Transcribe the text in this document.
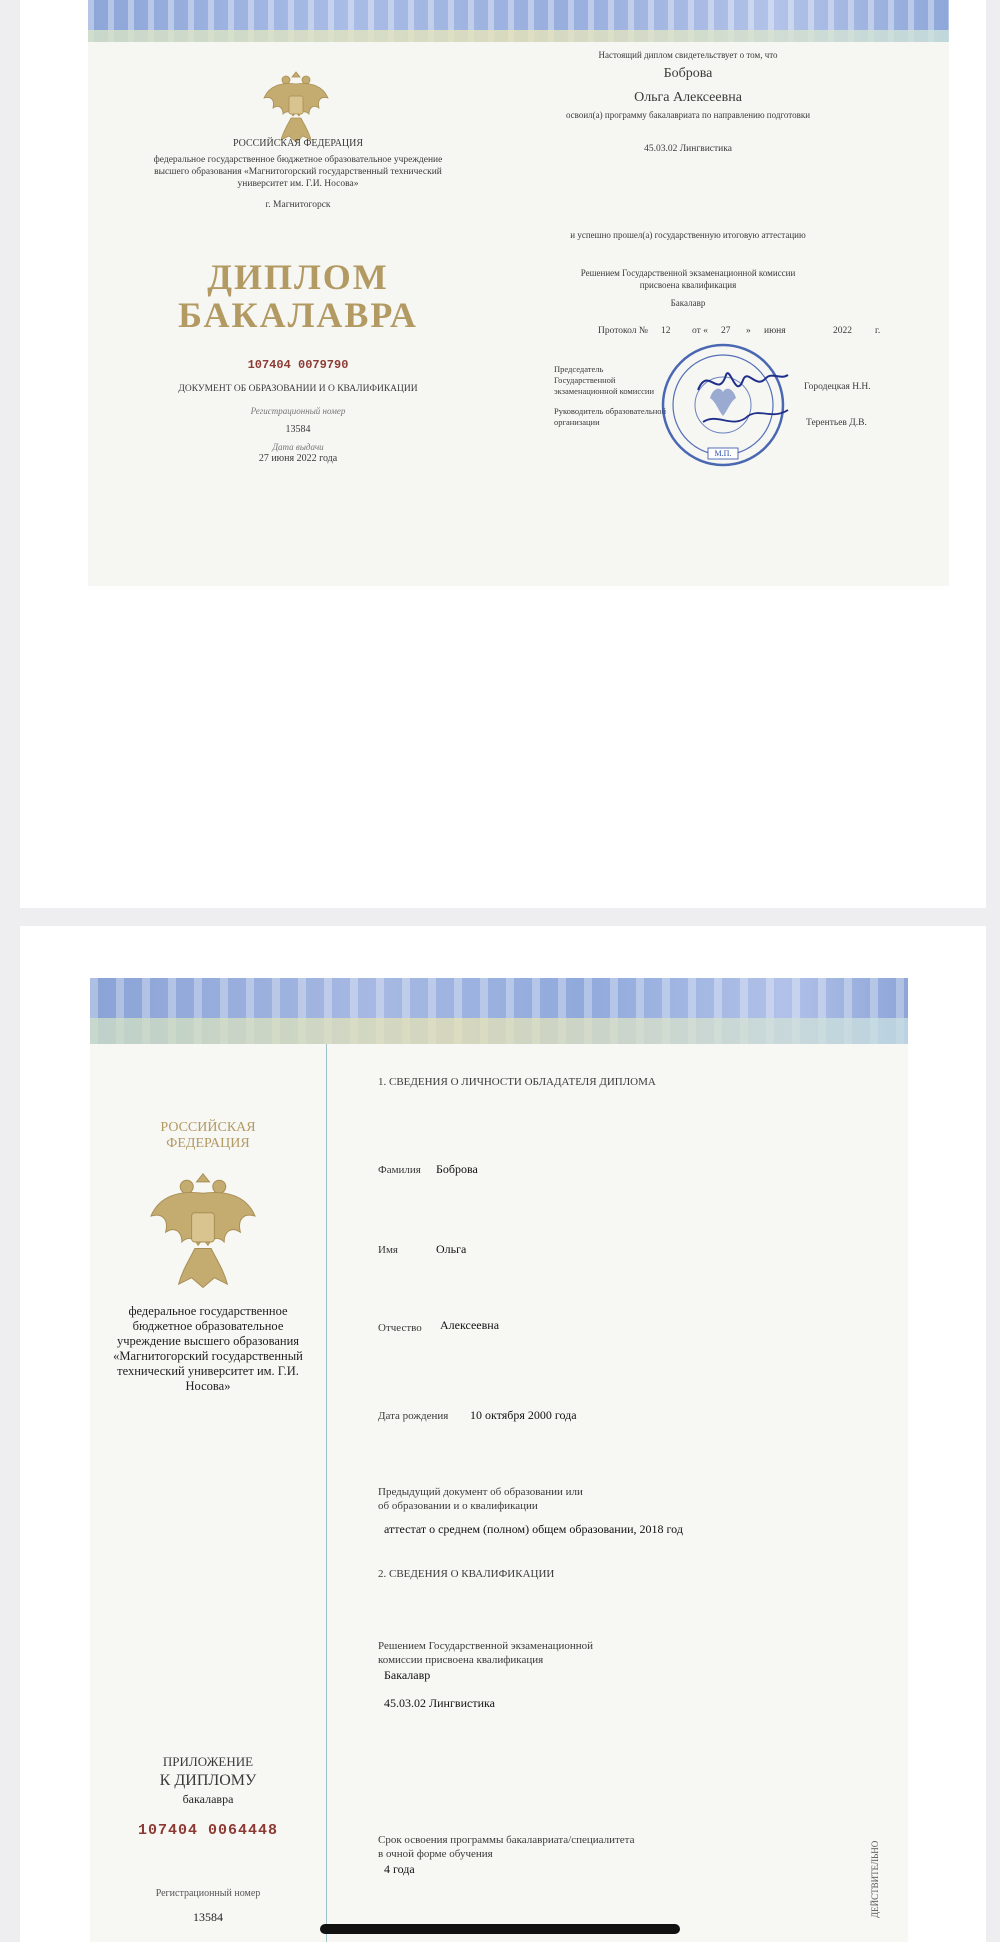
РОССИЙСКАЯ ФЕДЕРАЦИЯ
федеральное государственное бюджетное образовательное учреждение
высшего образования «Магнитогорский государственный технический
университет им. Г.И. Носова»
г. Магнитогорск
ДИПЛОМ
БАКАЛАВРА
107404 0079790
ДОКУМЕНТ ОБ ОБРАЗОВАНИИ И О КВАЛИФИКАЦИИ
Регистрационный номер
13584
Дата выдачи
27 июня 2022 года
Настоящий диплом свидетельствует о том, что
Боброва
Ольга Алексеевна
освоил(а) программу бакалавриата по направлению подготовки
45.03.02 Лингвистика
и успешно прошел(а) государственную итоговую аттестацию
Решением Государственной экзаменационной комиссии
присвоена квалификация
Бакалавр
Протокол № 12 от « 27 » июня	2022 г.
Председатель
Государственной
экзаменационной комиссии	Городецкая Н.Н.
Руководитель образовательной
организации	Терентьев Д.В.
М.П.
РОССИЙСКАЯ
ФЕДЕРАЦИЯ
федеральное государственное
бюджетное образовательное
учреждение высшего образования
«Магнитогорский государственный
технический университет им. Г.И.
Носова»
ПРИЛОЖЕНИЕ
К ДИПЛОМУ
бакалавра
107404 0064448
Регистрационный номер
13584
1. СВЕДЕНИЯ О ЛИЧНОСТИ ОБЛАДАТЕЛЯ ДИПЛОМА
Фамилия Боброва
Имя	Ольга
Отчество Алексеевна
Дата рождения 10 октября 2000 года
Предыдущий документ об образовании или
об образовании и о квалификации
аттестат о среднем (полном) общем образовании, 2018 год
2. СВЕДЕНИЯ О КВАЛИФИКАЦИИ
Решением Государственной экзаменационной
комиссии присвоена квалификация
Бакалавр
45.03.02 Лингвистика
Срок освоения программы бакалавриата/специалитета
в очной форме обучения
4 года	ДЕЙСТВИТЕЛЬНО
